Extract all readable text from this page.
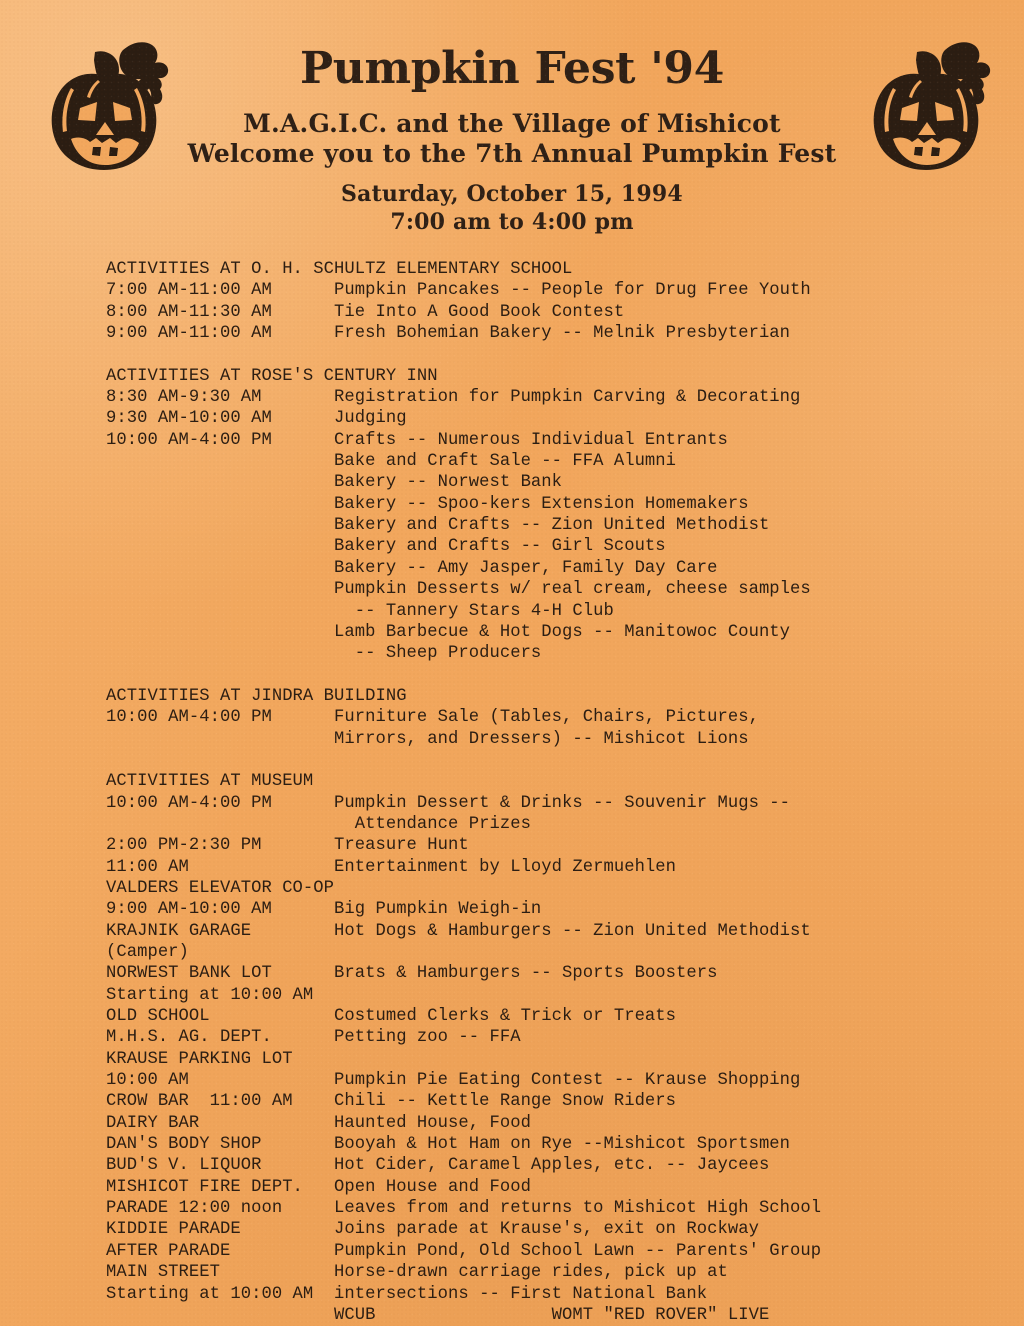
Pumpkin Fest '94
M.A.G.I.C. and the Village of Mishicot
Welcome you to the 7th Annual Pumpkin Fest
Saturday, October 15, 1994
7:00 am to 4:00 pm
ACTIVITIES AT O. H. SCHULTZ ELEMENTARY SCHOOL
7:00 AM-11:00 AM      Pumpkin Pancakes -- People for Drug Free Youth
8:00 AM-11:30 AM      Tie Into A Good Book Contest
9:00 AM-11:00 AM      Fresh Bohemian Bakery -- Melnik Presbyterian

ACTIVITIES AT ROSE'S CENTURY INN
8:30 AM-9:30 AM       Registration for Pumpkin Carving & Decorating
9:30 AM-10:00 AM      Judging
10:00 AM-4:00 PM      Crafts -- Numerous Individual Entrants
Bake and Craft Sale -- FFA Alumni
Bakery -- Norwest Bank
Bakery -- Spoo-kers Extension Homemakers
Bakery and Crafts -- Zion United Methodist
Bakery and Crafts -- Girl Scouts
Bakery -- Amy Jasper, Family Day Care
Pumpkin Desserts w/ real cream, cheese samples
-- Tannery Stars 4-H Club
Lamb Barbecue & Hot Dogs -- Manitowoc County
-- Sheep Producers

ACTIVITIES AT JINDRA BUILDING
10:00 AM-4:00 PM      Furniture Sale (Tables, Chairs, Pictures,
Mirrors, and Dressers) -- Mishicot Lions

ACTIVITIES AT MUSEUM
10:00 AM-4:00 PM      Pumpkin Dessert & Drinks -- Souvenir Mugs --
Attendance Prizes
2:00 PM-2:30 PM       Treasure Hunt
11:00 AM              Entertainment by Lloyd Zermuehlen
VALDERS ELEVATOR CO-OP
9:00 AM-10:00 AM      Big Pumpkin Weigh-in
KRAJNIK GARAGE        Hot Dogs & Hamburgers -- Zion United Methodist
(Camper)
NORWEST BANK LOT      Brats & Hamburgers -- Sports Boosters
Starting at 10:00 AM
OLD SCHOOL            Costumed Clerks & Trick or Treats
M.H.S. AG. DEPT.      Petting zoo -- FFA
KRAUSE PARKING LOT
10:00 AM              Pumpkin Pie Eating Contest -- Krause Shopping
CROW BAR  11:00 AM    Chili -- Kettle Range Snow Riders
DAIRY BAR             Haunted House, Food
DAN'S BODY SHOP       Booyah & Hot Ham on Rye --Mishicot Sportsmen
BUD'S V. LIQUOR       Hot Cider, Caramel Apples, etc. -- Jaycees
MISHICOT FIRE DEPT.   Open House and Food
PARADE 12:00 noon     Leaves from and returns to Mishicot High School
KIDDIE PARADE         Joins parade at Krause's, exit on Rockway
AFTER PARADE          Pumpkin Pond, Old School Lawn -- Parents' Group
MAIN STREET           Horse-drawn carriage rides, pick up at
Starting at 10:00 AM  intersections -- First National Bank
WCUB                 WOMT "RED ROVER" LIVE
